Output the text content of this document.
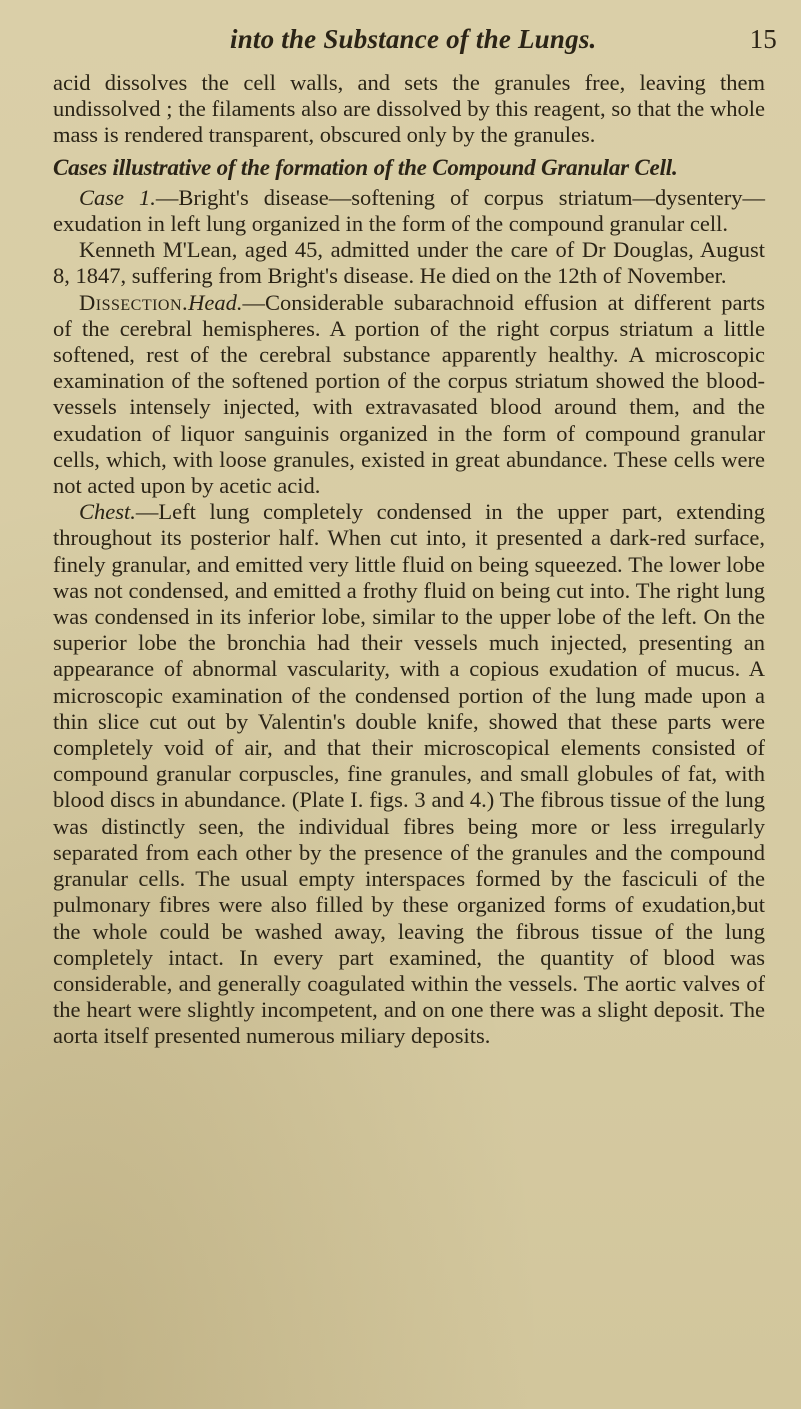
into the Substance of the Lungs.	15

acid dissolves the cell walls, and sets the granules free, leaving them undissolved ; the filaments also are dissolved by this reagent, so that the whole mass is rendered transparent, obscured only by the granules.

Cases illustrative of the formation of the Compound Granular Cell.

Case 1.—Bright's disease—softening of corpus striatum—dysentery—exudation in left lung organized in the form of the compound granular cell.

Kenneth M'Lean, aged 45, admitted under the care of Dr Douglas, August 8, 1847, suffering from Bright's disease. He died on the 12th of November.

Dissection.Head.—Considerable subarachnoid effusion at different parts of the cerebral hemispheres. A portion of the right corpus striatum a little softened, rest of the cerebral substance apparently healthy. A microscopic examination of the softened portion of the corpus striatum showed the blood-vessels intensely injected, with extravasated blood around them, and the exudation of liquor sanguinis organized in the form of compound granular cells, which, with loose granules, existed in great abundance. These cells were not acted upon by acetic acid.

Chest.—Left lung completely condensed in the upper part, extending throughout its posterior half. When cut into, it presented a dark-red surface, finely granular, and emitted very little fluid on being squeezed. The lower lobe was not condensed, and emitted a frothy fluid on being cut into. The right lung was condensed in its inferior lobe, similar to the upper lobe of the left. On the superior lobe the bronchia had their vessels much injected, presenting an appearance of abnormal vascularity, with a copious exudation of mucus. A microscopic examination of the condensed portion of the lung made upon a thin slice cut out by Valentin's double knife, showed that these parts were completely void of air, and that their microscopical elements consisted of compound granular corpuscles, fine granules, and small globules of fat, with blood discs in abundance. (Plate I. figs. 3 and 4.) The fibrous tissue of the lung was distinctly seen, the individual fibres being more or less irregularly separated from each other by the presence of the granules and the compound granular cells. The usual empty interspaces formed by the fasciculi of the pulmonary fibres were also filled by these organized forms of exudation,but the whole could be washed away, leaving the fibrous tissue of the lung completely intact. In every part examined, the quantity of blood was considerable, and generally coagulated within the vessels. The aortic valves of the heart were slightly incompetent, and on one there was a slight deposit. The aorta itself presented numerous miliary deposits.
